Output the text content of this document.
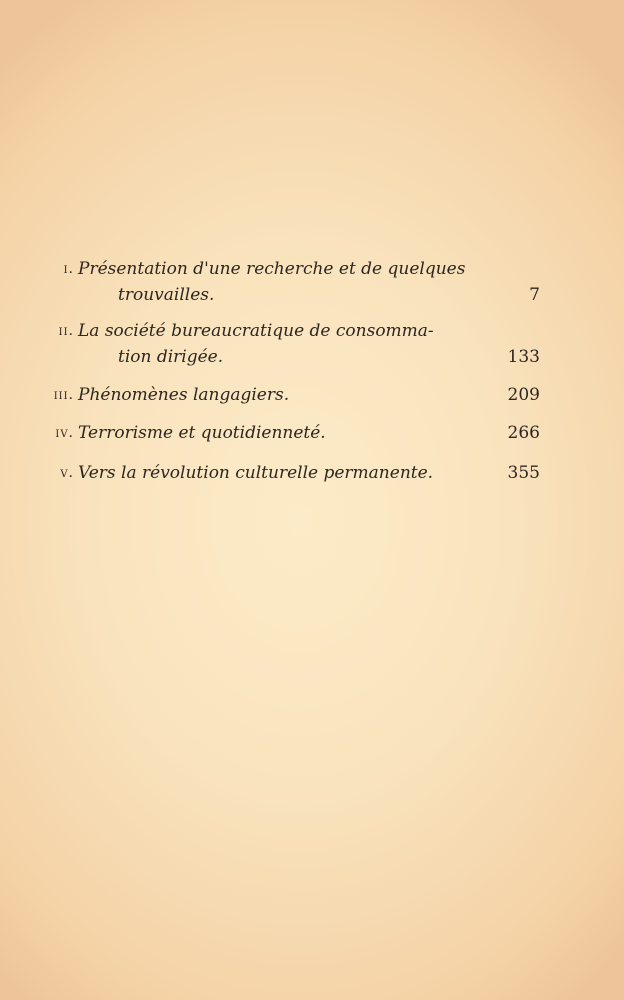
i. Présentation d'une recherche et de quelques
trouvailles.	7
ii. La société bureaucratique de consomma-
tion dirigée.	133
iii. Phénomènes langagiers.	209
iv. Terrorisme et quotidienneté.	266
v. Vers la révolution culturelle permanente.	355
